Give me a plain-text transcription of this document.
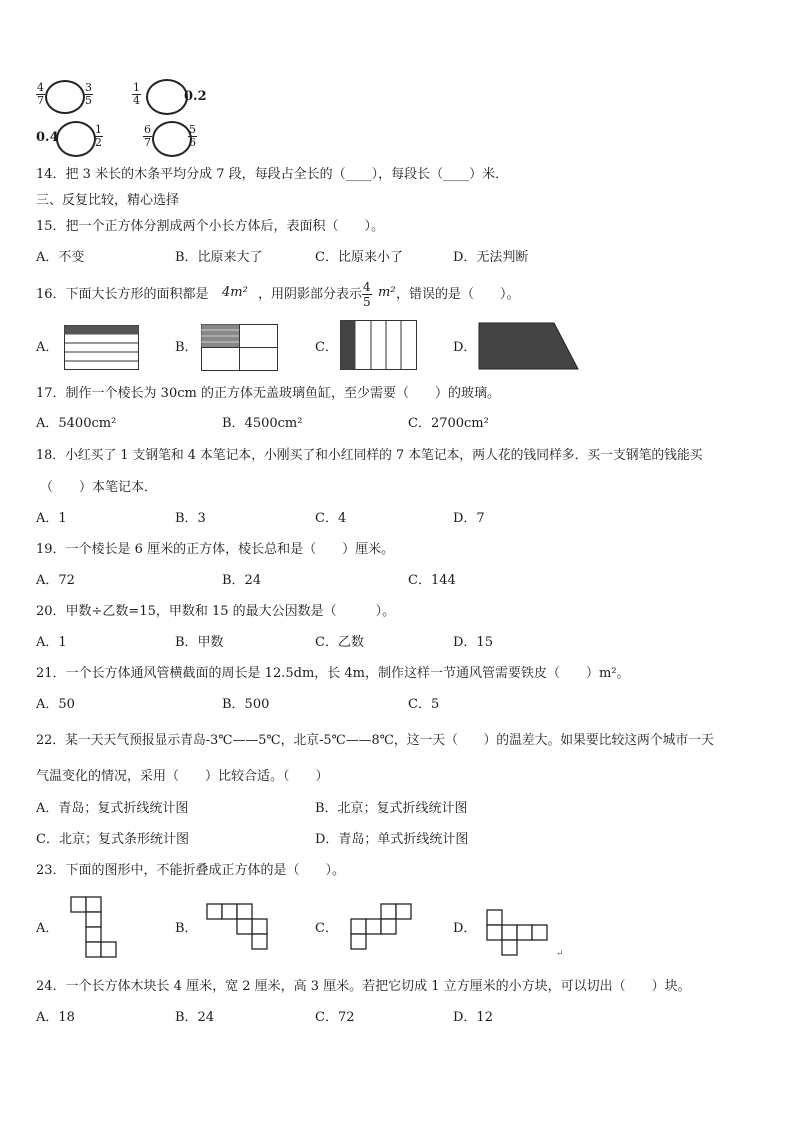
$\frac{4}{7}$	$\frac{3}{5}$	$\frac{1}{4}$	0.2
0.4	$\frac{1}{2}$	$\frac{6}{7}$	$\frac{5}{6}$
14．把 3 米长的木条平均分成 7 段，每段占全长的（____），每段长（____）米．
三、反复比较，精心选择
15．把一个正方体分割成两个小长方体后，表面积（　　）。
A．不变	B．比原来大了	C．比原来小了	D．无法判断
16．下面大长方形的面积都是 4m² ，用阴影部分表示 $\frac{4}{5} m^2$ ，错误的是（　　）。
A．	B．	C．	D．
17．制作一个棱长为 30cm 的正方体无盖玻璃鱼缸，至少需要（　　）的玻璃。
A．5400cm²	B．4500cm²	C．2700cm²
18．小红买了 1 支钢笔和 4 本笔记本，小刚买了和小红同样的 7 本笔记本，两人花的钱同样多．买一支钢笔的钱能买
（　　）本笔记本．
A．1	B．3	C．4	D．7
19．一个棱长是 6 厘米的正方体，棱长总和是（　　）厘米。
A．72	B．24	C．144
20．甲数÷乙数=15，甲数和 15 的最大公因数是（　　　）。
A．1	B．甲数	C．乙数	D．15
21．一个长方体通风管横截面的周长是 12.5dm，长 4m，制作这样一节通风管需要铁皮（　　）m²。
A．50	B．500	C．5
22．某一天天气预报显示青岛-3℃——5℃，北京-5℃——8℃，这一天（　　）的温差大。如果要比较这两个城市一天
气温变化的情况，采用（　　）比较合适。（　　）
A．青岛；复式折线统计图	B．北京；复式折线统计图
C．北京；复式条形统计图	D．青岛；单式折线统计图
23．下面的图形中，不能折叠成正方体的是（　　）。
A．	B．	C．	D．
↵
24．一个长方体木块长 4 厘米，宽 2 厘米，高 3 厘米。若把它切成 1 立方厘米的小方块，可以切出（　　）块。
A．18	B．24	C．72	D．12
